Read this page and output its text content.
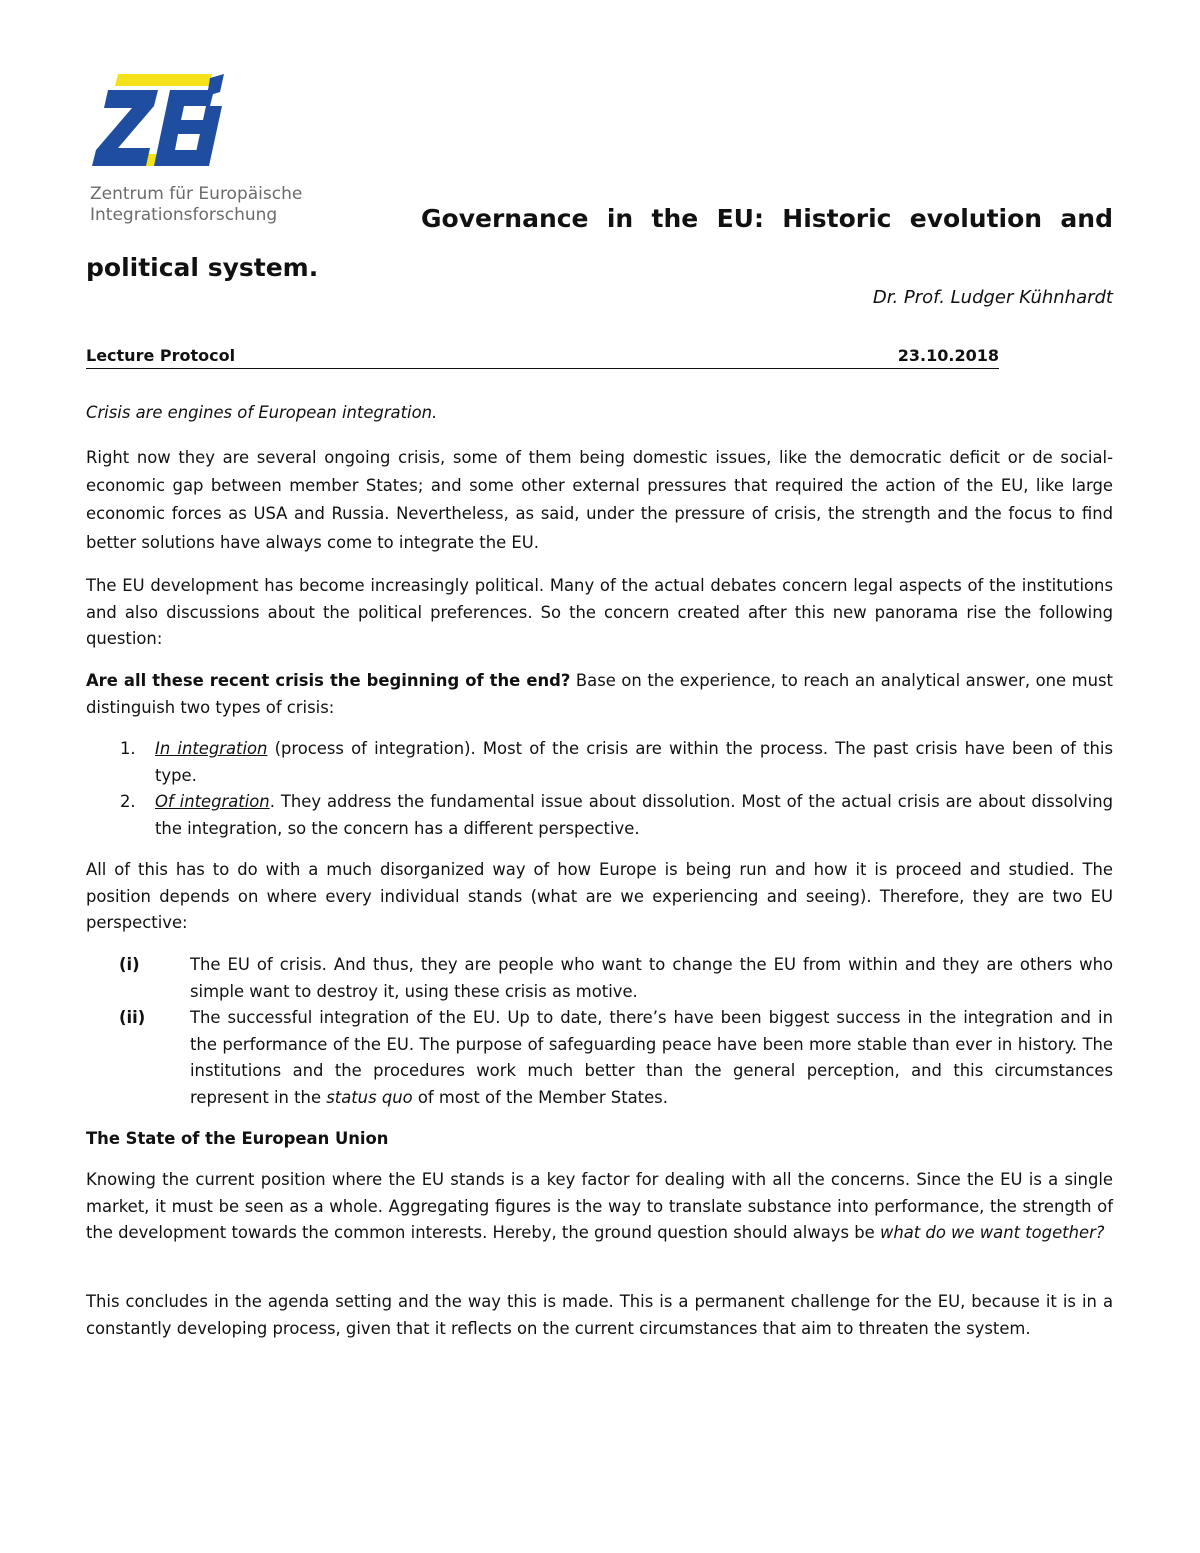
Zentrum für Europäische
Integrationsforschung	Governance in the EU: Historic evolution and
political system.
Dr. Prof. Ludger Kühnhardt
Lecture Protocol	23.10.2018

Crisis are engines of European integration.

Right now they are several ongoing crisis, some of them being domestic issues, like the democratic deficit or de social-economic gap between member States; and some other external pressures that required the action of the EU, like large economic forces as USA and Russia. Nevertheless, as said, under the pressure of crisis, the strength and the focus to find better solutions have always come to integrate the EU.

The EU development has become increasingly political. Many of the actual debates concern legal aspects of the institutions and also discussions about the political preferences. So the concern created after this new panorama rise the following question:

Are all these recent crisis the beginning of the end? Base on the experience, to reach an analytical answer, one must distinguish two types of crisis:

1. In integration (process of integration). Most of the crisis are within the process. The past crisis have been of this type.
2. Of integration. They address the fundamental issue about dissolution. Most of the actual crisis are about dissolving the integration, so the concern has a different perspective.

All of this has to do with a much disorganized way of how Europe is being run and how it is proceed and studied. The position depends on where every individual stands (what are we experiencing and seeing). Therefore, they are two EU perspective:

(i)	The EU of crisis. And thus, they are people who want to change the EU from within and they are others who simple want to destroy it, using these crisis as motive.
(ii)	The successful integration of the EU. Up to date, there’s have been biggest success in the integration and in the performance of the EU. The purpose of safeguarding peace have been more stable than ever in history. The institutions and the procedures work much better than the general perception, and this circumstances represent in the status quo of most of the Member States.

The State of the European Union

Knowing the current position where the EU stands is a key factor for dealing with all the concerns. Since the EU is a single market, it must be seen as a whole. Aggregating figures is the way to translate substance into performance, the strength of the development towards the common interests. Hereby, the ground question should always be what do we want together?

This concludes in the agenda setting and the way this is made. This is a permanent challenge for the EU, because it is in a constantly developing process, given that it reflects on the current circumstances that aim to threaten the system.
